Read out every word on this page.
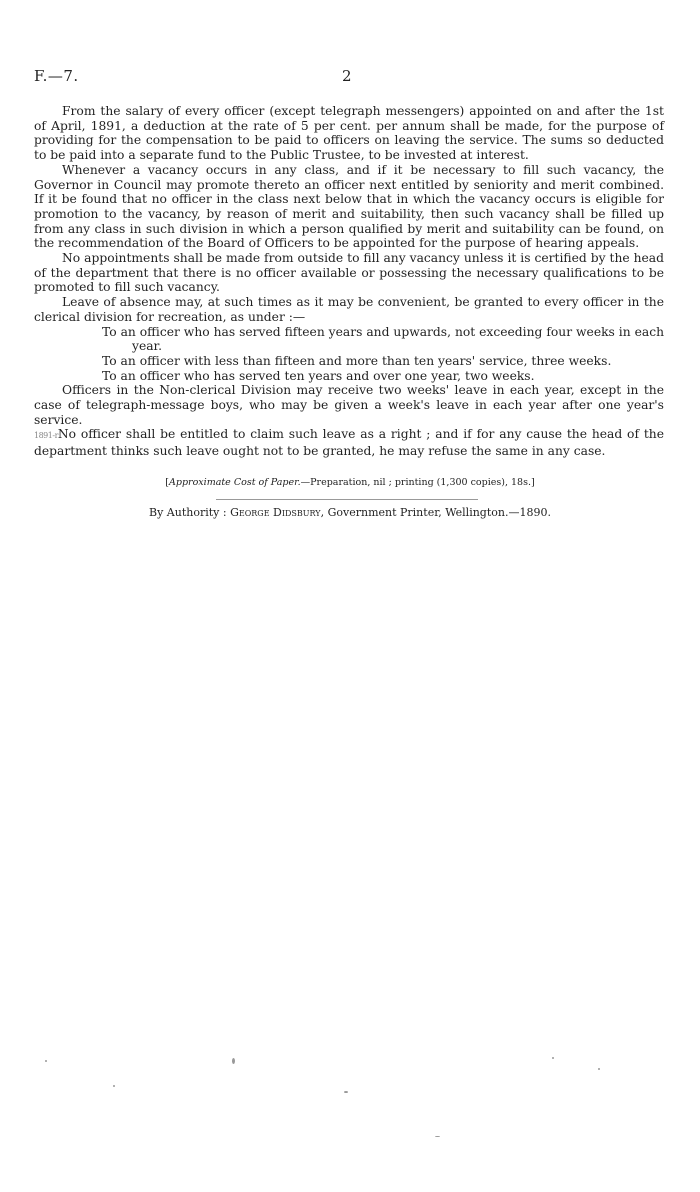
F.—7.	2

From the salary of every officer (except telegraph messengers) appointed on and after the 1st of April, 1891, a deduction at the rate of 5 per cent. per annum shall be made, for the purpose of providing for the compensation to be paid to officers on leaving the service. The sums so deducted to be paid into a separate fund to the Public Trustee, to be invested at interest.

Whenever a vacancy occurs in any class, and if it be necessary to fill such vacancy, the Governor in Council may promote thereto an officer next entitled by seniority and merit combined. If it be found that no officer in the class next below that in which the vacancy occurs is eligible for promotion to the vacancy, by reason of merit and suitability, then such vacancy shall be filled up from any class in such division in which a person qualified by merit and suitability can be found, on the recommendation of the Board of Officers to be appointed for the purpose of hearing appeals.

No appointments shall be made from outside to fill any vacancy unless it is certified by the head of the department that there is no officer available or possessing the necessary qualifications to be promoted to fill such vacancy.

Leave of absence may, at such times as it may be convenient, be granted to every officer in the clerical division for recreation, as under :—

To an officer who has served fifteen years and upwards, not exceeding four weeks in each year.

To an officer with less than fifteen and more than ten years' service, three weeks.

To an officer who has served ten years and over one year, two weeks.

Officers in the Non-clerical Division may receive two weeks' leave in each year, except in the case of telegraph-message boys, who may be given a week's leave in each year after one year's service.

1891-rNo officer shall be entitled to claim such leave as a right ; and if for any cause the head of the department thinks such leave ought not to be granted, he may refuse the same in any case.

[Approximate Cost of Paper.—Preparation, nil ; printing (1,300 copies), 18s.]
By Authority : George Didsbury, Government Printer, Wellington.—1890.
